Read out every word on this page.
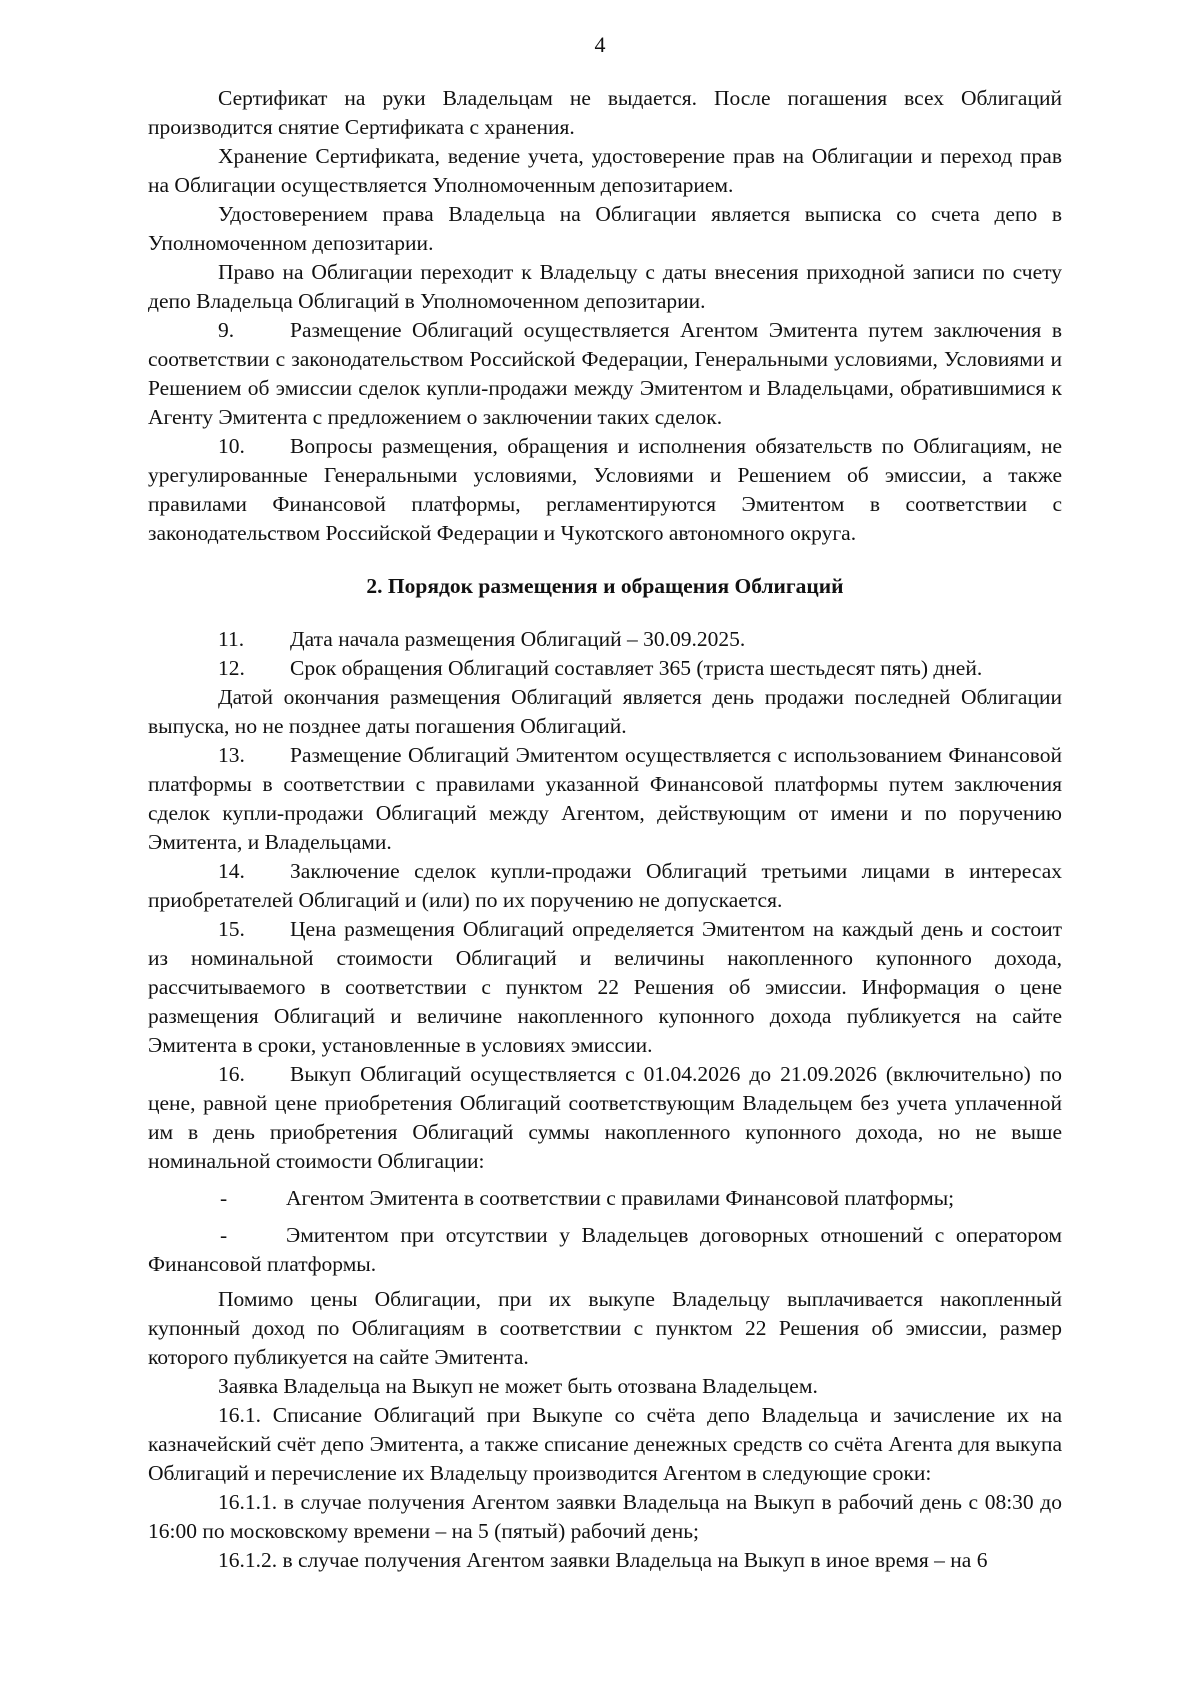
4

Сертификат на руки Владельцам не выдается. После погашения всех Облигаций производится снятие Сертификата с хранения.

Хранение Сертификата, ведение учета, удостоверение прав на Облигации и переход прав на Облигации осуществляется Уполномоченным депозитарием.

Удостоверением права Владельца на Облигации является выписка со счета депо в Уполномоченном депозитарии.

Право на Облигации переходит к Владельцу с даты внесения приходной записи по счету депо Владельца Облигаций в Уполномоченном депозитарии.

9.	Размещение Облигаций осуществляется Агентом Эмитента путем заключения в соответствии с законодательством Российской Федерации, Генеральными условиями, Условиями и Решением об эмиссии сделок купли-продажи между Эмитентом и Владельцами, обратившимися к Агенту Эмитента с предложением о заключении таких сделок.

10. Вопросы размещения, обращения и исполнения обязательств по Облигациям, не урегулированные Генеральными условиями, Условиями и Решением об эмиссии, а также правилами Финансовой платформы, регламентируются Эмитентом в соответствии с законодательством Российской Федерации и Чукотского автономного округа.

2. Порядок размещения и обращения Облигаций

11. Дата начала размещения Облигаций – 30.09.2025.

12. Срок обращения Облигаций составляет 365 (триста шестьдесят пять) дней.

Датой окончания размещения Облигаций является день продажи последней Облигации выпуска, но не позднее даты погашения Облигаций.

13. Размещение Облигаций Эмитентом осуществляется с использованием Финансовой платформы в соответствии с правилами указанной Финансовой платформы путем заключения сделок купли-продажи Облигаций между Агентом, действующим от имени и по поручению Эмитента, и Владельцами.

14. Заключение сделок купли-продажи Облигаций третьими лицами в интересах приобретателей Облигаций и (или) по их поручению не допускается.

15. Цена размещения Облигаций определяется Эмитентом на каждый день и состоит из номинальной стоимости Облигаций и величины накопленного купонного дохода, рассчитываемого в соответствии с пунктом 22 Решения об эмиссии. Информация о цене размещения Облигаций и величине накопленного купонного дохода публикуется на сайте Эмитента в сроки, установленные в условиях эмиссии.

16. Выкуп Облигаций осуществляется с 01.04.2026 до 21.09.2026 (включительно) по цене, равной цене приобретения Облигаций соответствующим Владельцем без учета уплаченной им в день приобретения Облигаций суммы накопленного купонного дохода, но не выше номинальной стоимости Облигации:

-	Агентом Эмитента в соответствии с правилами Финансовой платформы;

-	Эмитентом при отсутствии у Владельцев договорных отношений с оператором Финансовой платформы.

Помимо цены Облигации, при их выкупе Владельцу выплачивается накопленный купонный доход по Облигациям в соответствии с пунктом 22 Решения об эмиссии, размер которого публикуется на сайте Эмитента.

Заявка Владельца на Выкуп не может быть отозвана Владельцем.

16.1. Списание Облигаций при Выкупе со счёта депо Владельца и зачисление их на казначейский счёт депо Эмитента, а также списание денежных средств со счёта Агента для выкупа Облигаций и перечисление их Владельцу производится Агентом в следующие сроки:

16.1.1. в случае получения Агентом заявки Владельца на Выкуп в рабочий день с 08:30 до 16:00 по московскому времени – на 5 (пятый) рабочий день;

16.1.2. в случае получения Агентом заявки Владельца на Выкуп в иное время – на 6
